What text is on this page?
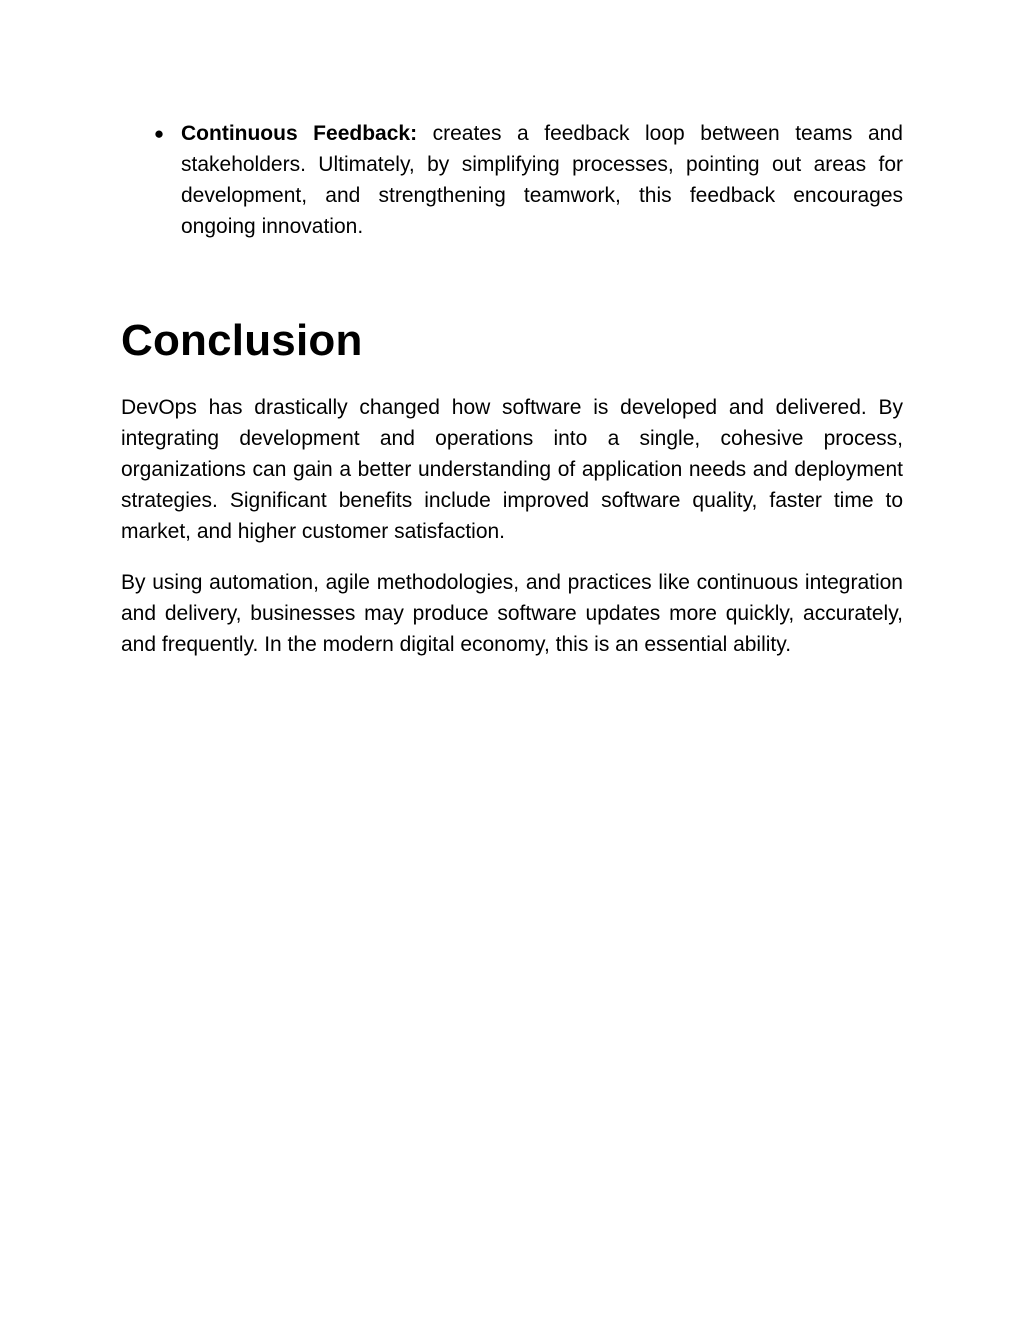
● Continuous Feedback: creates a feedback loop between teams and stakeholders. Ultimately, by simplifying processes, pointing out areas for development, and strengthening teamwork, this feedback encourages ongoing innovation.
Conclusion

DevOps has drastically changed how software is developed and delivered. By integrating development and operations into a single, cohesive process, organizations can gain a better understanding of application needs and deployment strategies. Significant benefits include improved software quality, faster time to market, and higher customer satisfaction.

By using automation, agile methodologies, and practices like continuous integration and delivery, businesses may produce software updates more quickly, accurately, and frequently. In the modern digital economy, this is an essential ability.
